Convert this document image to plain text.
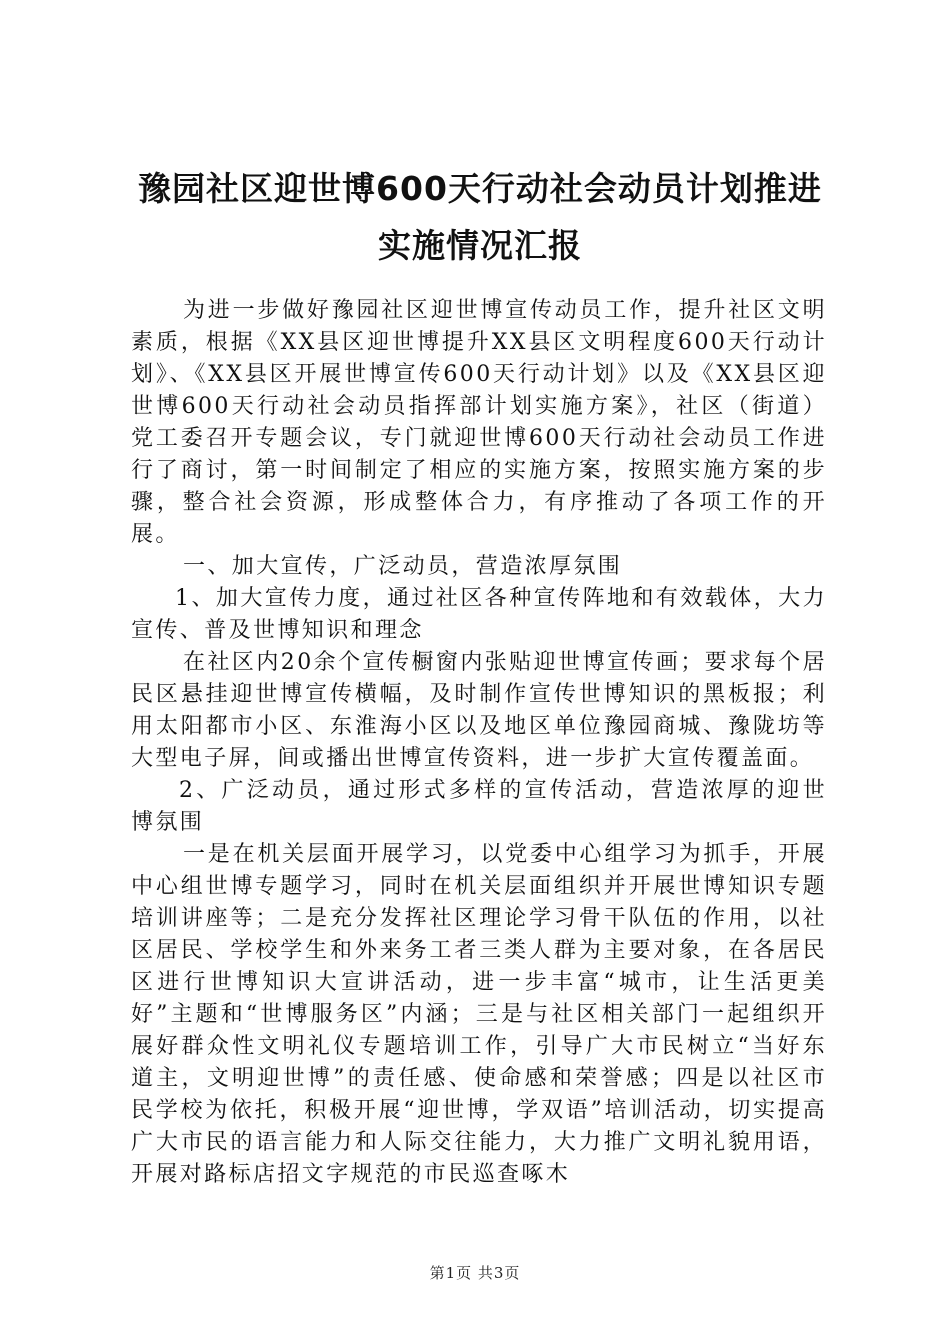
豫园社区迎世博600天行动社会动员计划推进
实施情况汇报

为进一步做好豫园社区迎世博宣传动员工作，提升社区文明素质，根据《XX县区迎世博提升XX县区文明程度600天行动计划》、《XX县区开展世博宣传600天行动计划》以及《XX县区迎世博600天行动社会动员指挥部计划实施方案》，社区（街道）党工委召开专题会议，专门就迎世博600天行动社会动员工作进行了商讨，第一时间制定了相应的实施方案，按照实施方案的步骤，整合社会资源，形成整体合力，有序推动了各项工作的开展。

一、加大宣传，广泛动员，营造浓厚氛围

1、加大宣传力度，通过社区各种宣传阵地和有效载体，大力宣传、普及世博知识和理念

在社区内20余个宣传橱窗内张贴迎世博宣传画；要求每个居民区悬挂迎世博宣传横幅，及时制作宣传世博知识的黑板报；利用太阳都市小区、东淮海小区以及地区单位豫园商城、豫陇坊等大型电子屏，间或播出世博宣传资料，进一步扩大宣传覆盖面。

2、广泛动员，通过形式多样的宣传活动，营造浓厚的迎世博氛围

一是在机关层面开展学习，以党委中心组学习为抓手，开展中心组世博专题学习，同时在机关层面组织并开展世博知识专题培训讲座等；二是充分发挥社区理论学习骨干队伍的作用，以社区居民、学校学生和外来务工者三类人群为主要对象，在各居民区进行世博知识大宣讲活动，进一步丰富“城市，让生活更美好”主题和“世博服务区”内涵；三是与社区相关部门一起组织开展好群众性文明礼仪专题培训工作，引导广大市民树立“当好东道主，文明迎世博”的责任感、使命感和荣誉感；四是以社区市民学校为依托，积极开展“迎世博，学双语”培训活动，切实提高广大市民的语言能力和人际交往能力，大力推广文明礼貌用语，开展对路标店招文字规范的市民巡查啄木

第1页 共3页
